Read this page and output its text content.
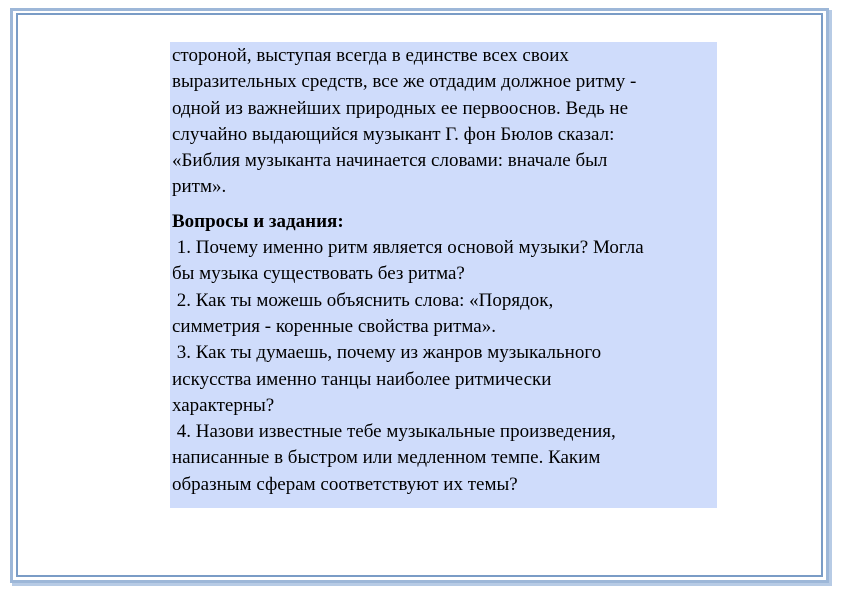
стороной, выступая всегда в единстве всех своих
выразительных средств, все же отдадим должное ритму -
одной из важнейших природных ее первооснов. Ведь не
случайно выдающийся музыкант Г. фон Бюлов сказал:
«Библия музыканта начинается словами: вначале был
ритм».
Вопросы и задания:
1. Почему именно ритм является основой музыки? Могла
бы музыка существовать без ритма?
2. Как ты можешь объяснить слова: «Порядок,
симметрия - коренные свойства ритма».
3. Как ты думаешь, почему из жанров музыкального
искусства именно танцы наиболее ритмически
характерны?
4. Назови известные тебе музыкальные произведения,
написанные в быстром или медленном темпе. Каким
образным сферам соответствуют их темы?
